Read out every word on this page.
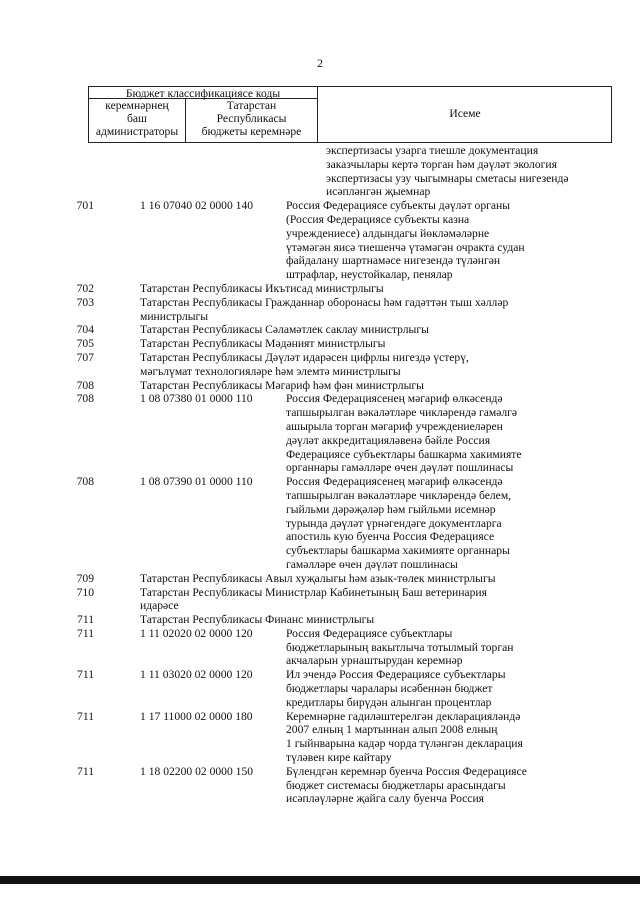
2
Бюджет классификациясе коды
керемнәрнең
баш
администраторы
Татарстан
Республикасы
бюджеты керемнәре
Исеме
экспертизасы узарга тиешле документация
заказчылары кертә торган һәм дәүләт экология
экспертизасы узу чыгымнары сметасы нигезендә
исәпләнгән җыемнар
701	1 16 07040 02 0000 140	Россия Федерациясе субъекты дәүләт органы
(Россия Федерациясе субъекты казна
учреждениесе) алдындагы йөкләмәләрне
үтәмәгән яисә тиешенчә үтәмәгән очракта судан
файдалану шартнамәсе нигезендә түләнгән
штрафлар, неустойкалар, пенялар
702	Татарстан Республикасы Икътисад министрлыгы
703	Татарстан Республикасы Гражданнар оборонасы һәм гадәттән тыш хәлләр
министрлыгы
704	Татарстан Республикасы Сәламәтлек саклау министрлыгы
705	Татарстан Республикасы Мәдәният министрлыгы
707	Татарстан Республикасы Дәүләт идарәсен цифрлы нигездә үстерү,
мәгълүмат технологияләре һәм элемтә министрлыгы
708	Татарстан Республикасы Мәгариф һәм фән министрлыгы
708	1 08 07380 01 0000 110	Россия Федерациясенең мәгариф өлкәсендә
тапшырылган вәкаләтләре чикләрендә гамәлгә
ашырыла торган мәгариф учреждениеләрен
дәүләт аккредитацияләвенә бәйле Россия
Федерациясе субъектлары башкарма хакимияте
органнары гамәлләре өчен дәүләт пошлинасы
708	1 08 07390 01 0000 110	Россия Федерациясенең мәгариф өлкәсендә
тапшырылган вәкаләтләре чикләрендә белем,
гыйльми дәрәҗәләр һәм гыйльми исемнәр
турында дәүләт үрнәгендәге документларга
апостиль кую буенча Россия Федерациясе
субъектлары башкарма хакимияте органнары
гамәлләре өчен дәүләт пошлинасы
709	Татарстан Республикасы Авыл хуҗалыгы һәм азык-төлек министрлыгы
710	Татарстан Республикасы Министрлар Кабинетының Баш ветеринария
идарәсе
711	Татарстан Республикасы Финанс министрлыгы
711	1 11 02020 02 0000 120	Россия Федерациясе субъектлары
бюджетларының вакытлыча тотылмый торган
акчаларын урнаштырудан керемнәр
711	1 11 03020 02 0000 120	Ил эчендә Россия Федерациясе субъектлары
бюджетлары чаралары исәбеннән бюджет
кредитлары бирүдән алынган процентлар
711	1 17 11000 02 0000 180	Керемнәрне гадиләштерелгән декларацияләндә
2007 елның 1 мартыннан алып 2008 елның
1 гыйнварына кадәр чорда түләнгән декларация
түләвен кире кайтару
711	1 18 02200 02 0000 150	Бүлендгән керемнәр буенча Россия Федерациясе
бюджет системасы бюджетлары арасындагы
исәпләүләрне җайга салу буенча Россия
